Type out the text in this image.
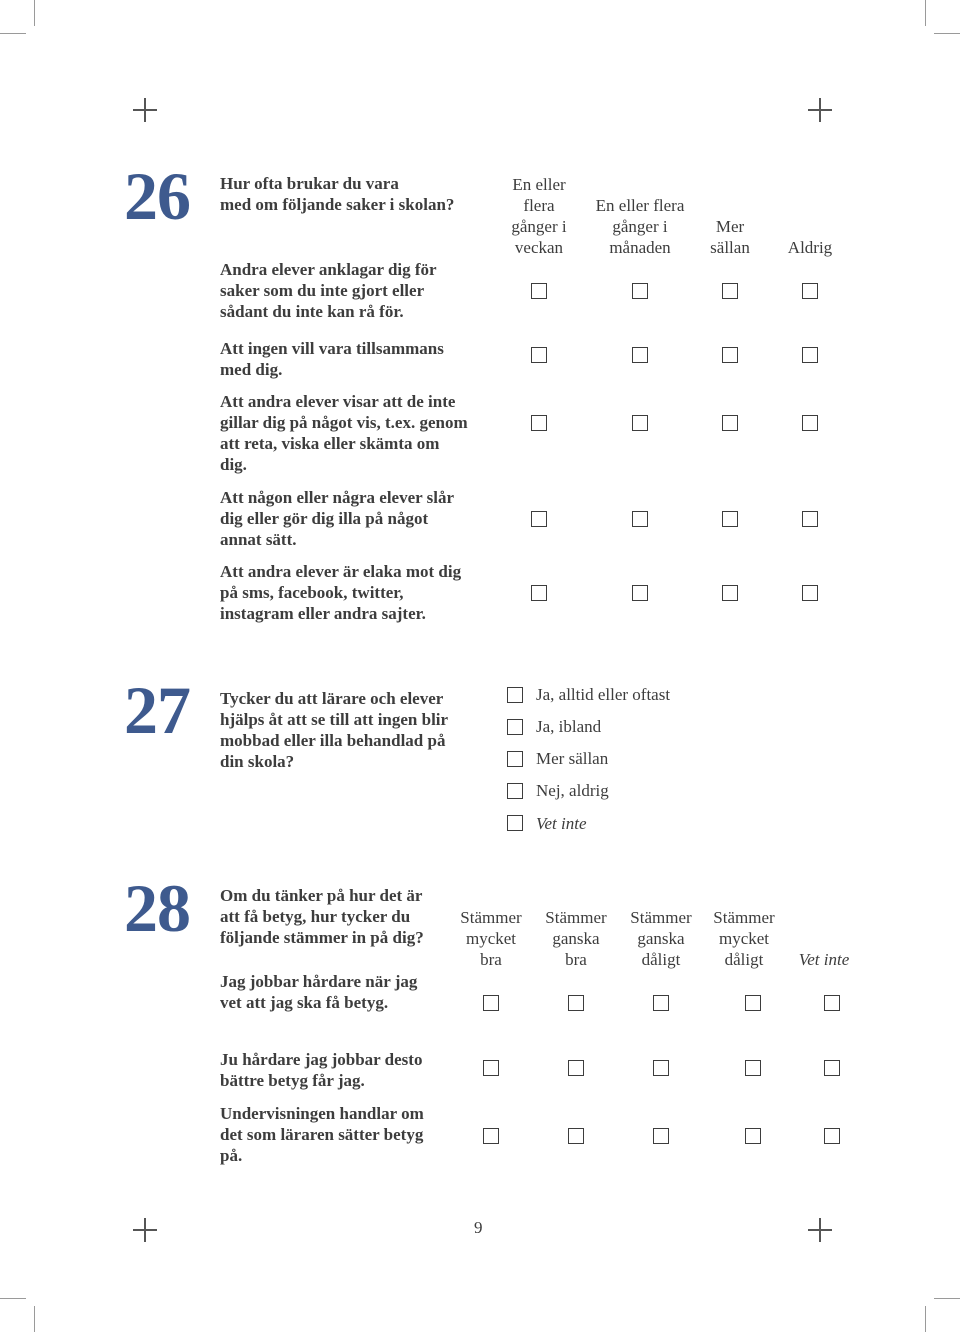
26 Hur ofta brukar du vara
med om följande saker i skolan?
En eller
flera
gånger i
veckan
En eller flera
gånger i
månaden
Mer
sällan	Aldrig
Andra elever anklagar dig för
saker som du inte gjort eller
sådant du inte kan rå för.
Att ingen vill vara tillsammans
med dig.
Att andra elever visar att de inte
gillar dig på något vis, t.ex. genom
att reta, viska eller skämta om
dig.
Att någon eller några elever slår
dig eller gör dig illa på något
annat sätt.
Att andra elever är elaka mot dig
på sms, facebook, twitter,
instagram eller andra sajter.
27 Tycker du att lärare och elever
hjälps åt att se till att ingen blir
mobbad eller illa behandlad på
din skola?
Ja, alltid eller oftast
Ja, ibland
Mer sällan
Nej, aldrig
Vet inte
28 Om du tänker på hur det är
att få betyg, hur tycker du
följande stämmer in på dig?
Stämmer
mycket
bra
Stämmer
ganska
bra
Stämmer
ganska
dåligt
Stämmer
mycket
dåligt	Vet inte
Jag jobbar hårdare när jag
vet att jag ska få betyg.
Ju hårdare jag jobbar desto
bättre betyg får jag.
Undervisningen handlar om
det som läraren sätter betyg
på.
9
